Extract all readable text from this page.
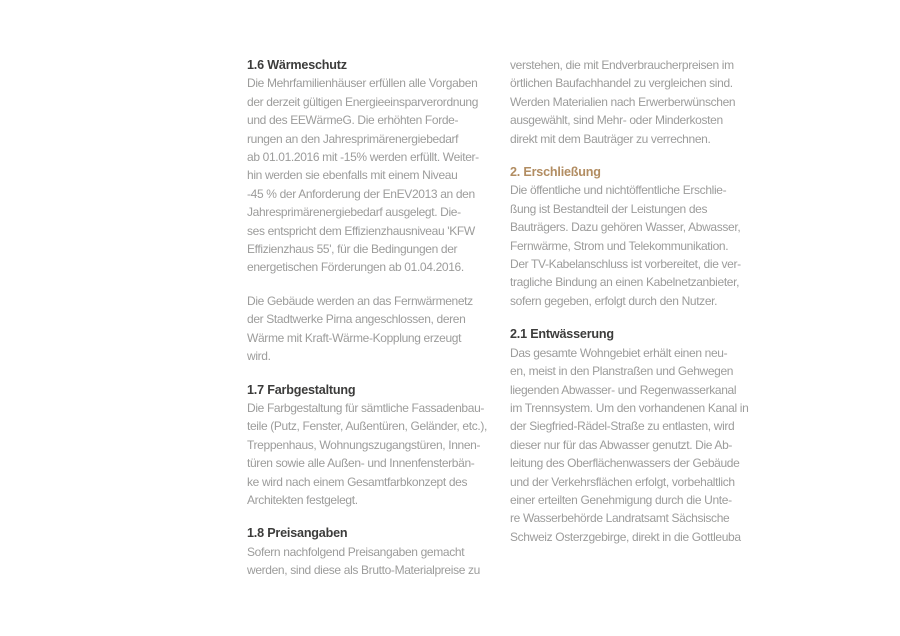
1.6 Wärmeschutz

Die Mehrfamilienhäuser erfüllen alle Vorgaben
der derzeit gültigen Energieeinsparverordnung
und des EEWärmeG. Die erhöhten Forde-
rungen an den Jahresprimärenergiebedarf
ab 01.01.2016 mit -15% werden erfüllt. Weiter-
hin werden sie ebenfalls mit einem Niveau
-45 % der Anforderung der EnEV2013 an den
Jahresprimärenergiebedarf ausgelegt. Die-
ses entspricht dem Effizienzhausniveau 'KFW
Effizienzhaus 55', für die Bedingungen der
energetischen Förderungen ab 01.04.2016.

Die Gebäude werden an das Fernwärmenetz
der Stadtwerke Pirna angeschlossen, deren
Wärme mit Kraft-Wärme-Kopplung erzeugt
wird.

1.7 Farbgestaltung

Die Farbgestaltung für sämtliche Fassadenbau-
teile (Putz, Fenster, Außentüren, Geländer, etc.),
Treppenhaus, Wohnungszugangstüren, Innen-
türen sowie alle Außen- und Innenfensterbän-
ke wird nach einem Gesamtfarbkonzept des
Architekten festgelegt.

1.8 Preisangaben

Sofern nachfolgend Preisangaben gemacht
werden, sind diese als Brutto-Materialpreise zu

verstehen, die mit Endverbraucherpreisen im
örtlichen Baufachhandel zu vergleichen sind.
Werden Materialien nach Erwerberwünschen
ausgewählt, sind Mehr- oder Minderkosten
direkt mit dem Bauträger zu verrechnen.

2. Erschließung

Die öffentliche und nichtöffentliche Erschlie-
ßung ist Bestandteil der Leistungen des
Bauträgers. Dazu gehören Wasser, Abwasser,
Fernwärme, Strom und Telekommunikation.
Der TV-Kabelanschluss ist vorbereitet, die ver-
tragliche Bindung an einen Kabelnetzanbieter,
sofern gegeben, erfolgt durch den Nutzer.

2.1 Entwässerung

Das gesamte Wohngebiet erhält einen neu-
en, meist in den Planstraßen und Gehwegen
liegenden Abwasser- und Regenwasserkanal
im Trennsystem. Um den vorhandenen Kanal in
der Siegfried-Rädel-Straße zu entlasten, wird
dieser nur für das Abwasser genutzt. Die Ab-
leitung des Oberflächenwassers der Gebäude
und der Verkehrsflächen erfolgt, vorbehaltlich
einer erteilten Genehmigung durch die Unte-
re Wasserbehörde Landratsamt Sächsische
Schweiz Osterzgebirge, direkt in die Gottleuba
